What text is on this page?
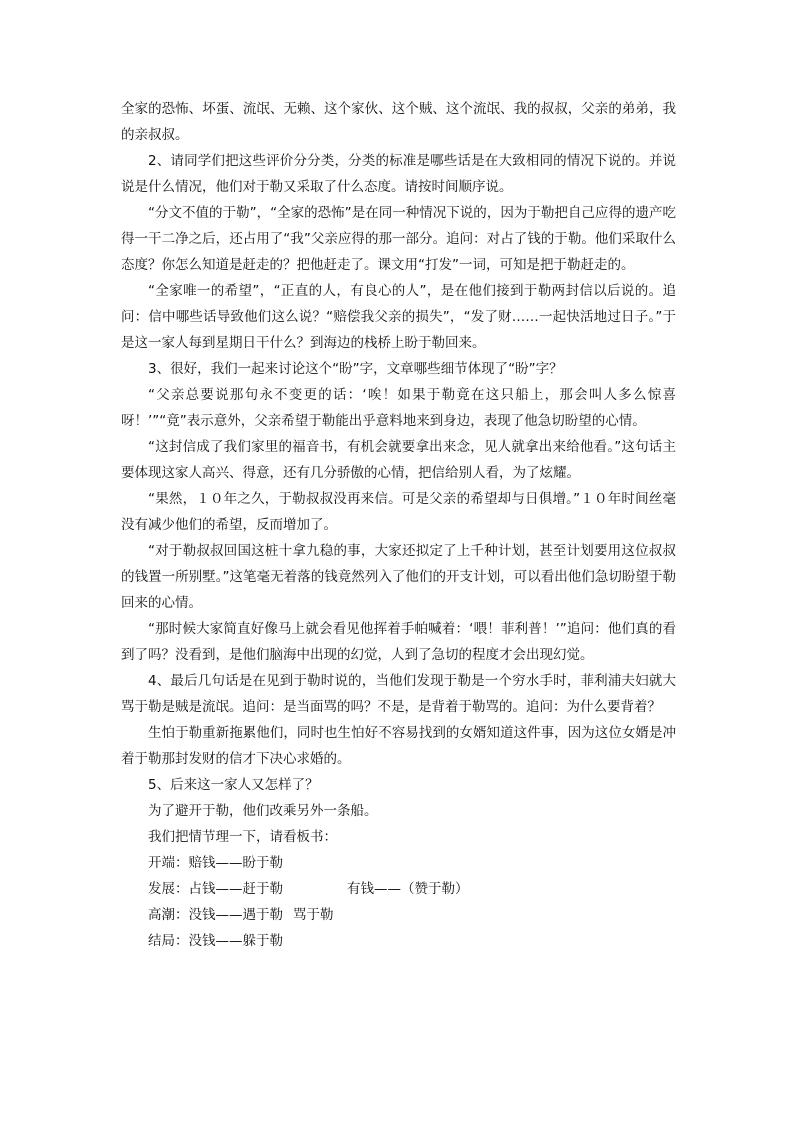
全家的恐怖、坏蛋、流氓、无赖、这个家伙、这个贼、这个流氓、我的叔叔，父亲的弟弟，我的亲叔叔。

2、请同学们把这些评价分分类，分类的标准是哪些话是在大致相同的情况下说的。并说说是什么情况，他们对于勒又采取了什么态度。请按时间顺序说。

“分文不值的于勒”，“全家的恐怖”是在同一种情况下说的，因为于勒把自己应得的遗产吃得一干二净之后，还占用了“我”父亲应得的那一部分。追问：对占了钱的于勒。他们采取什么态度？你怎么知道是赶走的？把他赶走了。课文用“打发”一词，可知是把于勒赶走的。

“全家唯一的希望”，“正直的人，有良心的人”，是在他们接到于勒两封信以后说的。追问：信中哪些话导致他们这么说？“赔偿我父亲的损失”，“发了财……一起快活地过日子。”于是这一家人每到星期日干什么？到海边的栈桥上盼于勒回来。

3、很好，我们一起来讨论这个“盼”字，文章哪些细节体现了“盼”字？

“父亲总要说那句永不变更的话：‘唉！如果于勒竟在这只船上，那会叫人多么惊喜呀！’”“竟”表示意外，父亲希望于勒能出乎意料地来到身边，表现了他急切盼望的心情。

“这封信成了我们家里的福音书，有机会就要拿出来念，见人就拿出来给他看。”这句话主要体现这家人高兴、得意，还有几分骄傲的心情，把信给别人看，为了炫耀。

“果然，１０年之久，于勒叔叔没再来信。可是父亲的希望却与日俱增。”１０年时间丝毫没有减少他们的希望，反而增加了。

“对于勒叔叔回国这桩十拿九稳的事，大家还拟定了上千种计划，甚至计划要用这位叔叔的钱置一所别墅。”这笔毫无着落的钱竟然列入了他们的开支计划，可以看出他们急切盼望于勒回来的心情。

“那时候大家简直好像马上就会看见他挥着手帕喊着：‘喂！菲利普！’”追问：他们真的看到了吗？没看到，是他们脑海中出现的幻觉，人到了急切的程度才会出现幻觉。

4、最后几句话是在见到于勒时说的，当他们发现于勒是一个穷水手时，菲利浦夫妇就大骂于勒是贼是流氓。追问：是当面骂的吗？不是，是背着于勒骂的。追问：为什么要背着？

生怕于勒重新拖累他们，同时也生怕好不容易找到的女婿知道这件事，因为这位女婿是冲着于勒那封发财的信才下决心求婚的。

5、后来这一家人又怎样了？

为了避开于勒，他们改乘另外一条船。

我们把情节理一下，请看板书：

开端：赔钱——盼于勒
发展：占钱——赶于勒	有钱——（赞于勒）
高潮：没钱——遇于勒 骂于勒
结局：没钱——躲于勒
